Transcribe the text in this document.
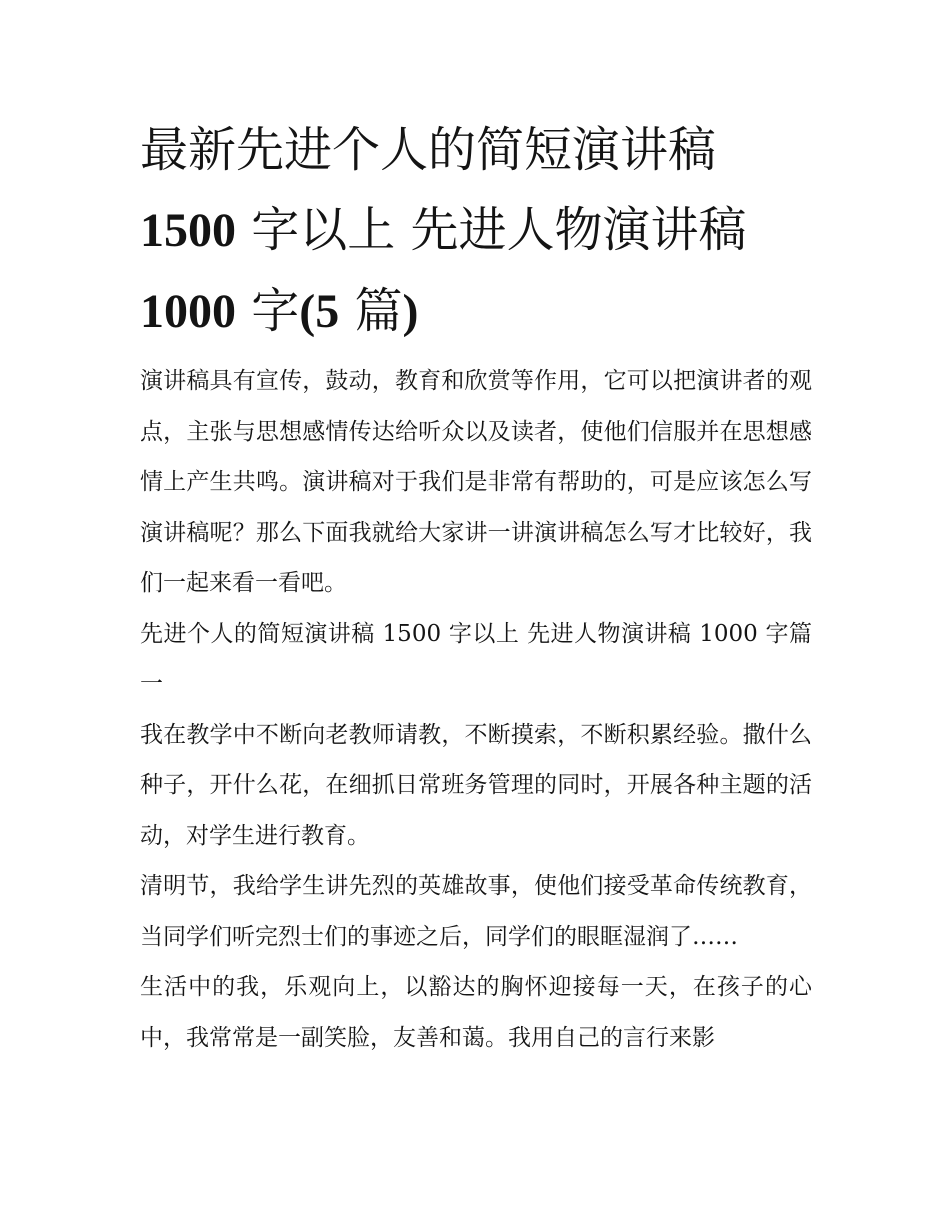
最新先进个人的简短演讲稿
1500 字以上 先进人物演讲稿
1000 字(5 篇)

演讲稿具有宣传，鼓动，教育和欣赏等作用，它可以把演讲者的观点，主张与思想感情传达给听众以及读者，使他们信服并在思想感情上产生共鸣。演讲稿对于我们是非常有帮助的，可是应该怎么写演讲稿呢？那么下面我就给大家讲一讲演讲稿怎么写才比较好，我们一起来看一看吧。

先进个人的简短演讲稿 1500 字以上 先进人物演讲稿 1000 字篇一

我在教学中不断向老教师请教，不断摸索，不断积累经验。撒什么种子，开什么花，在细抓日常班务管理的同时，开展各种主题的活动，对学生进行教育。

清明节，我给学生讲先烈的英雄故事，使他们接受革命传统教育，当同学们听完烈士们的事迹之后，同学们的眼眶湿润了……

生活中的我，乐观向上，以豁达的胸怀迎接每一天，在孩子的心中，我常常是一副笑脸，友善和蔼。我用自己的言行来影
